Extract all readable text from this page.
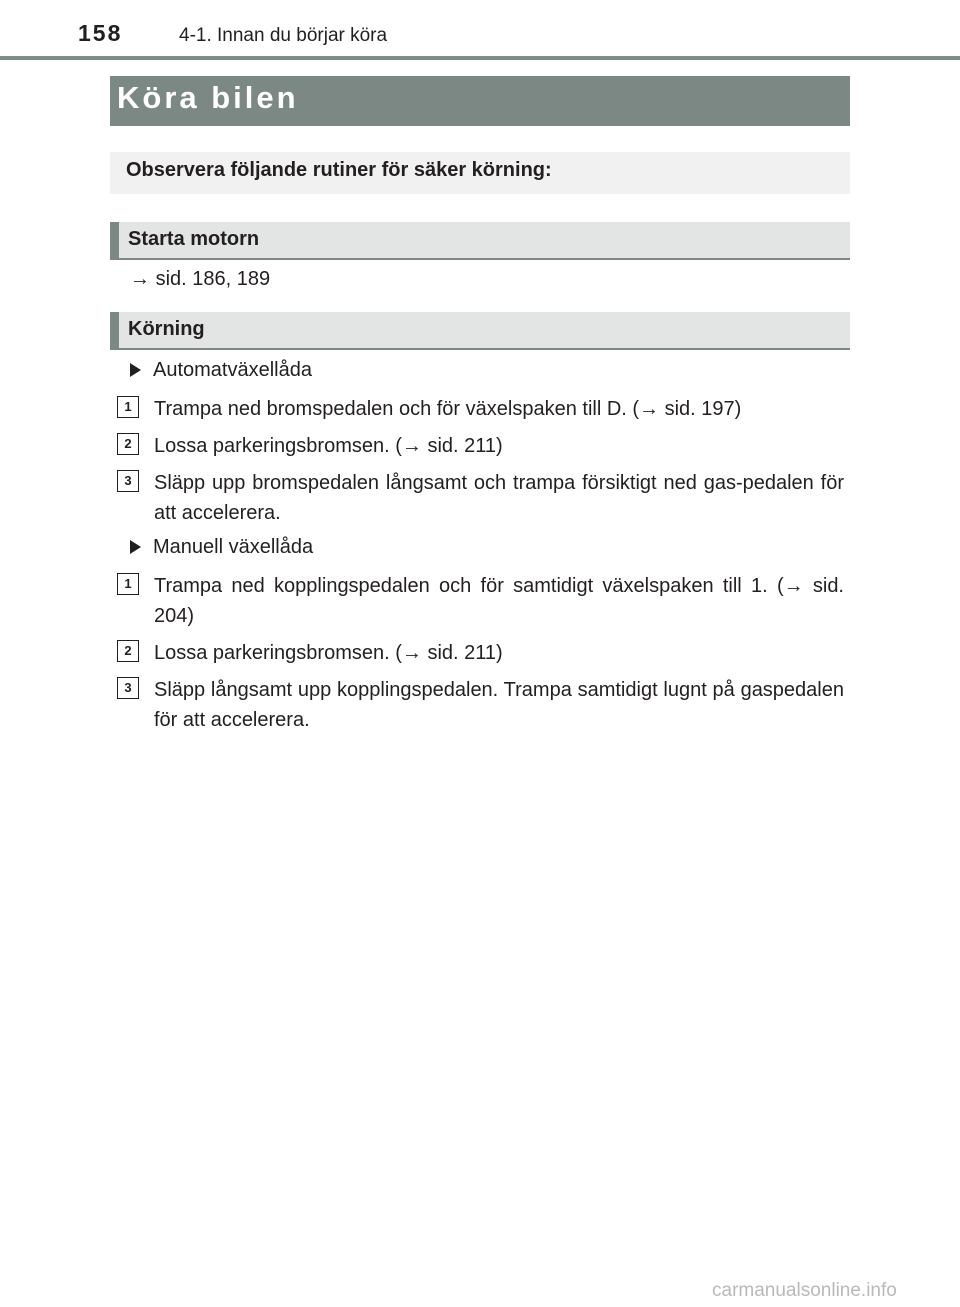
158	4-1. Innan du börjar köra
Köra bilen
Observera följande rutiner för säker körning:
Starta motorn
→ sid. 186, 189
Körning
Automatväxellåda
1	Trampa ned bromspedalen och för växelspaken till D. (→ sid. 197)
2	Lossa parkeringsbromsen. (→ sid. 211)
3	Släpp upp bromspedalen långsamt och trampa försiktigt ned gas-pedalen för att accelerera.
Manuell växellåda
1	Trampa ned kopplingspedalen och för samtidigt växelspaken till 1. (→ sid. 204)
2	Lossa parkeringsbromsen. (→ sid. 211)
3	Släpp långsamt upp kopplingspedalen. Trampa samtidigt lugnt på gaspedalen för att accelerera.
carmanualsonline.info
